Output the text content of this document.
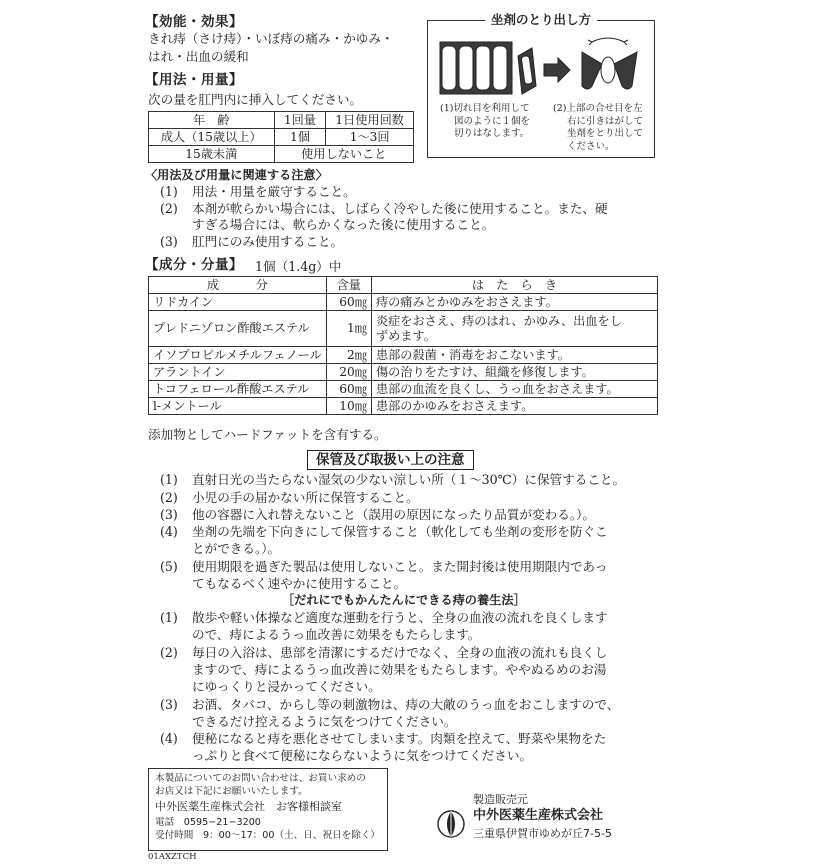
【効能・効果】
きれ痔（さけ痔）・いぼ痔の痛み・かゆみ・
はれ・出血の緩和
【用法・用量】
次の量を肛門内に挿入してください。
年　齢	1回量	1日使用回数
成人（15歳以上）	1個	1〜3回
15歳未満	使用しないこと	
坐剤のとり出し方
(1)切れ目を利用して
図のように１個を
切りはなします。
(2)上部の合せ目を左
右に引きはがして
坐剤をとり出して
ください。
〈用法及び用量に関連する注意〉
(1) 用法・用量を厳守すること。
(2) 本剤が軟らかい場合には、しばらく冷やした後に使用すること。また、硬
すぎる場合には、軟らかくなった後に使用すること。
(3) 肛門にのみ使用すること。
【成分・分量】 1個（1.4g）中
成　　　分	含量	は　た　ら　き
リドカイン	60㎎	痔の痛みとかゆみをおさえます。
プレドニゾロン酢酸エステル	1㎎	炎症をおさえ、痔のはれ、かゆみ、出血をし
ずめます。

イソプロピルメチルフェノール	2㎎	患部の殺菌・消毒をおこないます。
アラントイン	20㎎	傷の治りをたすけ、組織を修復します。
トコフェロール酢酸エステル	60㎎	患部の血流を良くし、うっ血をおさえます。
l-メントール	10㎎	患部のかゆみをおさえます。
添加物としてハードファットを含有する。
保管及び取扱い上の注意
(1) 直射日光の当たらない湿気の少ない涼しい所（１〜30℃）に保管すること。
(2) 小児の手の届かない所に保管すること。
(3) 他の容器に入れ替えないこと（誤用の原因になったり品質が変わる。）。
(4) 坐剤の先端を下向きにして保管すること（軟化しても坐剤の変形を防ぐこ
とができる。）。
(5) 使用期限を過ぎた製品は使用しないこと。また開封後は使用期限内であっ
てもなるべく速やかに使用すること。
［だれにでもかんたんにできる痔の養生法］
(1) 散歩や軽い体操など適度な運動を行うと、全身の血液の流れを良くします
ので、痔によるうっ血改善に効果をもたらします。
(2) 毎日の入浴は、患部を清潔にするだけでなく、全身の血液の流れも良くし
ますので、痔によるうっ血改善に効果をもたらします。ややぬるめのお湯
にゆっくりと浸かってください。
(3) お酒、タバコ、からし等の刺激物は、痔の大敵のうっ血をおこしますので、
できるだけ控えるように気をつけてください。
(4) 便秘になると痔を悪化させてしまいます。肉類を控えて、野菜や果物をた
っぷりと食べて便秘にならないように気をつけてください。
本製品についてのお問い合わせは、お買い求めの
お店又は下記にお願いいたします。
中外医薬生産株式会社　お客様相談室
電話　 0595−21−3200
受付時間　 9：00〜17：00（土、日、祝日を除く）
製造販売元
中外医薬生産株式会社
三重県伊賀市ゆめが丘7-5-5
01AXZTCH
